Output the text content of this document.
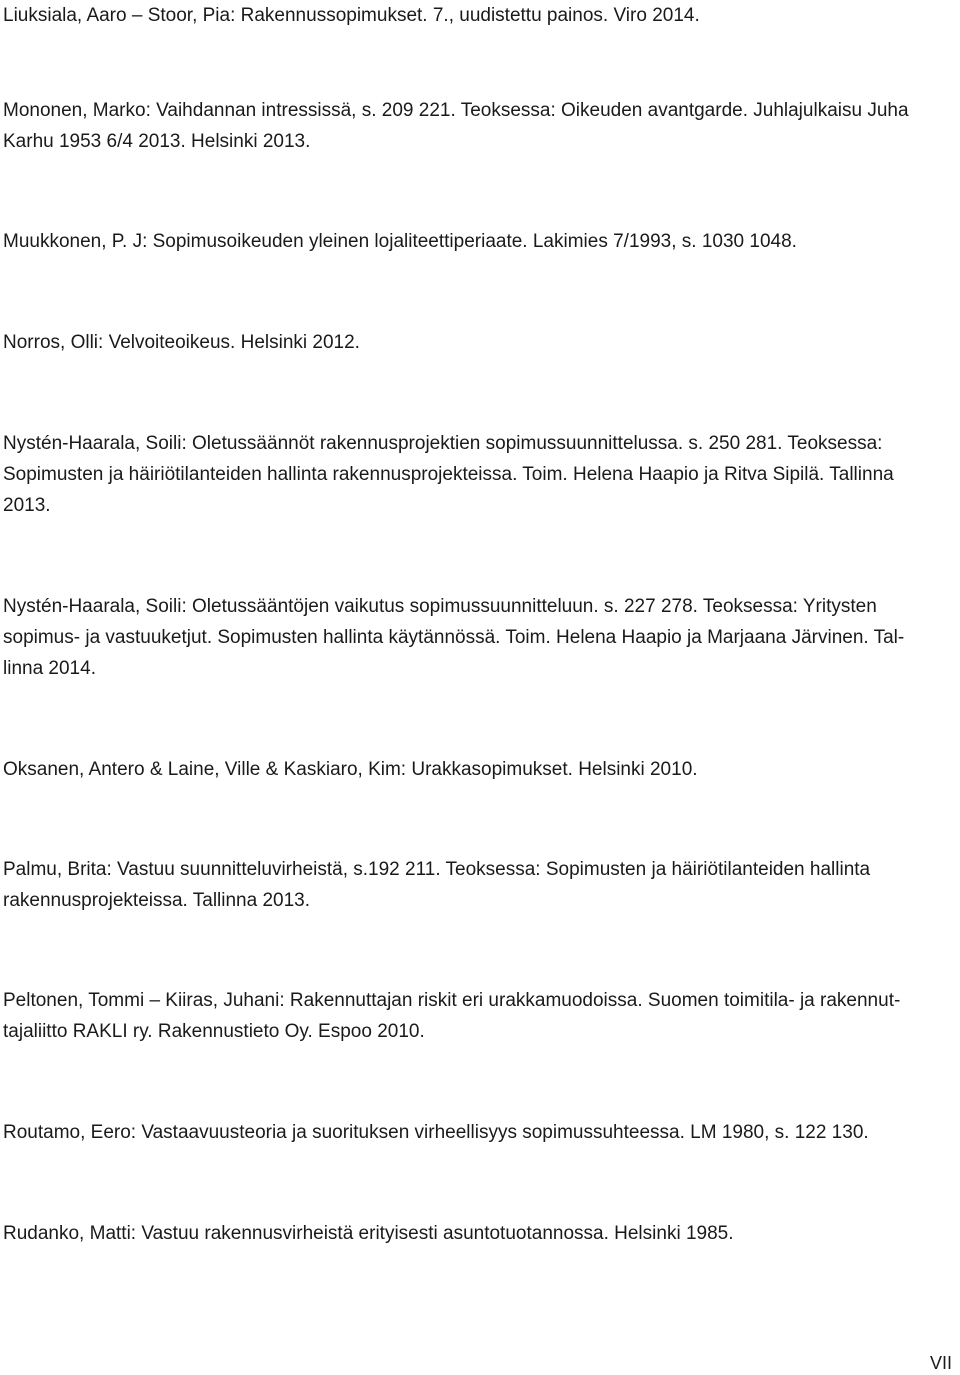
Liuksiala, Aaro – Stoor, Pia: Rakennussopimukset. 7., uudistettu painos. Viro 2014.

Mononen, Marko: Vaihdannan intressissä, s. 209 221. Teoksessa: Oikeuden avantgarde. Juhlajulkaisu Juha
Karhu 1953 6/4 2013. Helsinki 2013.

Muukkonen, P. J: Sopimusoikeuden yleinen lojaliteettiperiaate. Lakimies 7/1993, s. 1030 1048.

Norros, Olli: Velvoiteoikeus. Helsinki 2012.

Nystén-Haarala, Soili: Oletussäännöt rakennusprojektien sopimussuunnittelussa. s. 250 281. Teoksessa:
Sopimusten ja häiriötilanteiden hallinta rakennusprojekteissa. Toim. Helena Haapio ja Ritva Sipilä. Tallinna
2013.

Nystén-Haarala, Soili: Oletussääntöjen vaikutus sopimussuunnitteluun. s. 227 278. Teoksessa: Yritysten
sopimus- ja vastuuketjut. Sopimusten hallinta käytännössä. Toim. Helena Haapio ja Marjaana Järvinen. Tal-
linna 2014.

Oksanen, Antero & Laine, Ville & Kaskiaro, Kim: Urakkasopimukset. Helsinki 2010.

Palmu, Brita: Vastuu suunnitteluvirheistä, s.192 211. Teoksessa: Sopimusten ja häiriötilanteiden hallinta
rakennusprojekteissa. Tallinna 2013.

Peltonen, Tommi – Kiiras, Juhani: Rakennuttajan riskit eri urakkamuodoissa. Suomen toimitila- ja rakennut-
tajaliitto RAKLI ry. Rakennustieto Oy. Espoo 2010.

Routamo, Eero: Vastaavuusteoria ja suorituksen virheellisyys sopimussuhteessa. LM 1980, s. 122 130.

Rudanko, Matti: Vastuu rakennusvirheistä erityisesti asuntotuotannossa. Helsinki 1985.

VII
